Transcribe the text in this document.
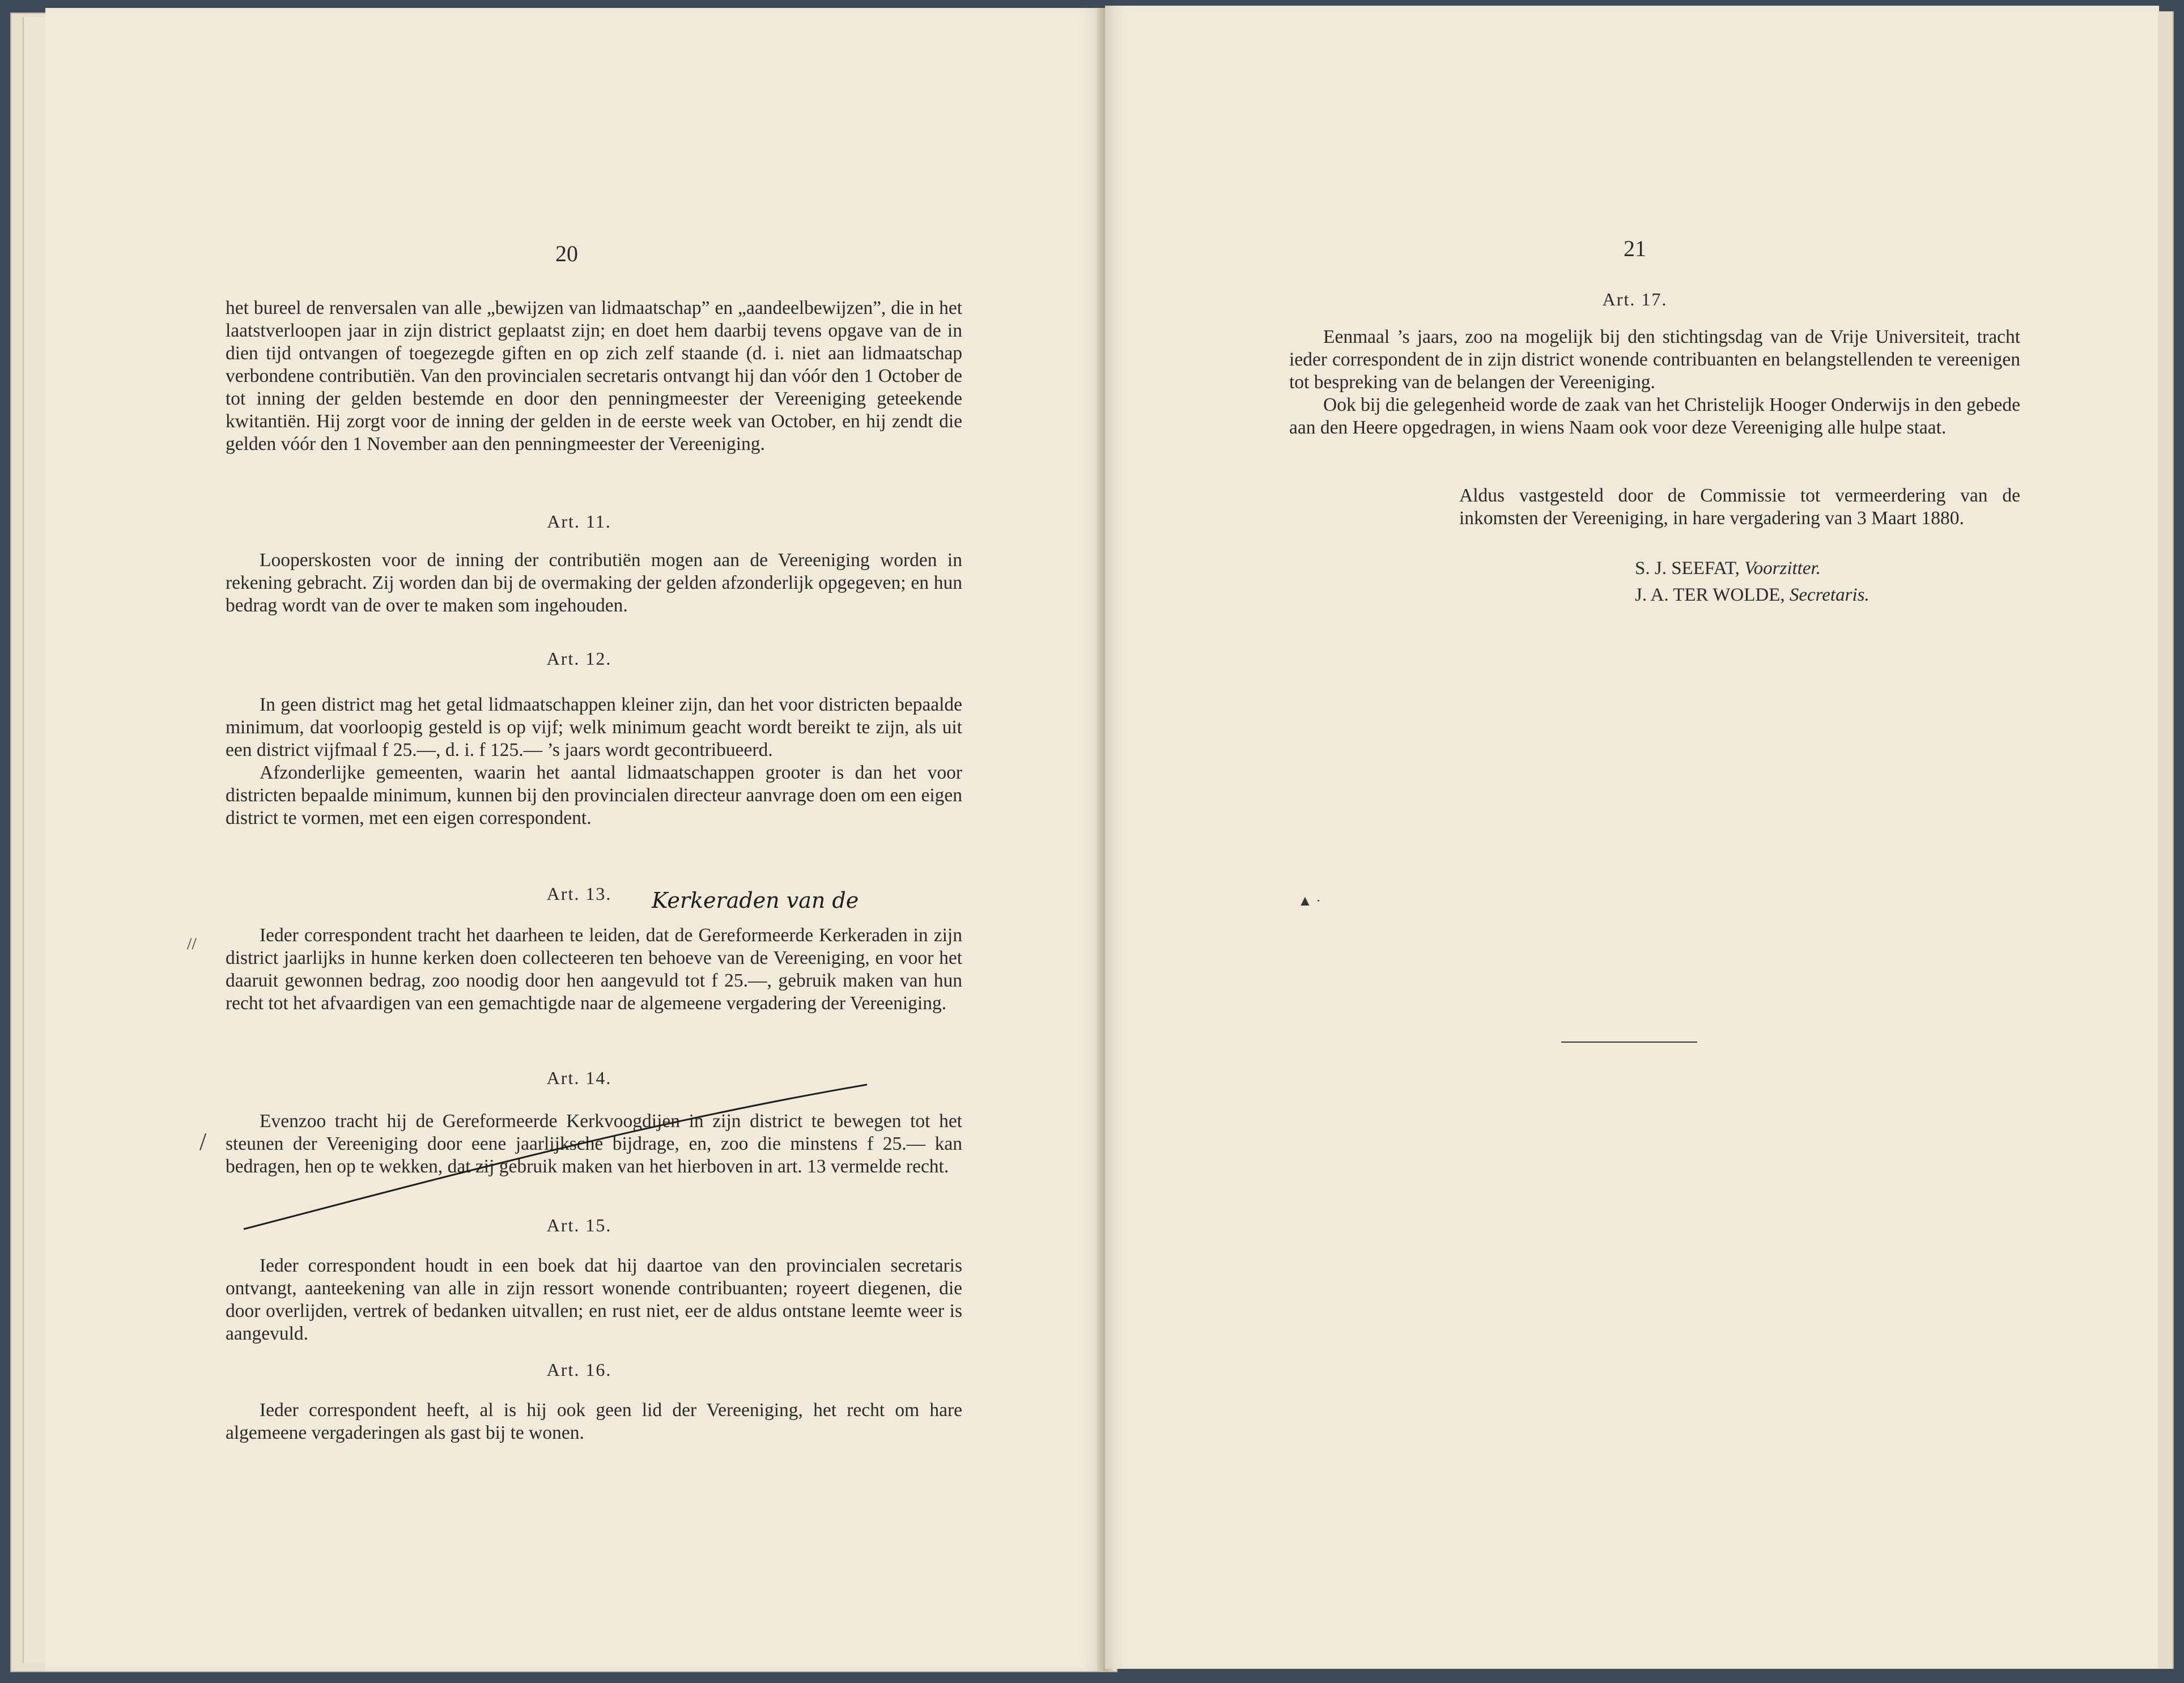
20

het bureel de renversalen van alle „bewijzen van lidmaatschap” en „aandeelbewijzen”, die in het laatstverloopen jaar in zijn district geplaatst zijn; en doet hem daarbij tevens opgave van de in dien tijd ontvangen of toegezegde giften en op zich zelf staande (d. i. niet aan lidmaatschap verbondene contributiën. Van den provincialen secretaris ontvangt hij dan vóór den 1 October de tot inning der gelden bestemde en door den penningmeester der Vereeniging geteekende kwitantiën. Hij zorgt voor de inning der gelden in de eerste week van October, en hij zendt die gelden vóór den 1 November aan den penningmeester der Vereeniging.

Art. 11.

Looperskosten voor de inning der contributiën mogen aan de Vereeniging worden in rekening gebracht. Zij worden dan bij de overmaking der gelden afzonderlijk opgegeven; en hun bedrag wordt van de over te maken som ingehouden.

Art. 12.

In geen district mag het getal lidmaatschappen kleiner zijn, dan het voor districten bepaalde minimum, dat voorloopig gesteld is op vijf; welk minimum geacht wordt bereikt te zijn, als uit een district vijfmaal f 25.—, d. i. f 125.— ’s jaars wordt gecontribueerd.

Afzonderlijke gemeenten, waarin het aantal lidmaatschappen grooter is dan het voor districten bepaalde minimum, kunnen bij den provincialen directeur aanvrage doen om een eigen district te vormen, met een eigen correspondent.

Art. 13.	Kerkeraden van de
//	Ieder correspondent tracht het daarheen te leiden, dat de Gereformeerde Kerkeraden in zijn district jaarlijks in hunne kerken doen collecteeren ten behoeve van de Vereeniging, en voor het daaruit gewonnen bedrag, zoo noodig door hen aangevuld tot f 25.—, gebruik maken van hun recht tot het afvaardigen van een gemachtigde naar de algemeene vergadering der Vereeniging.

Art. 14.
/

Evenzoo tracht hij de Gereformeerde Kerkvoogdijen in zijn district te bewegen tot het steunen der Vereeniging door eene jaarlijksche bijdrage, en, zoo die minstens f 25.— kan bedragen, hen op te wekken, dat zij gebruik maken van het hierboven in art. 13 vermelde recht.

Art. 15.

Ieder correspondent houdt in een boek dat hij daartoe van den provincialen secretaris ontvangt, aanteekening van alle in zijn ressort wonende contribuanten; royeert diegenen, die door overlijden, vertrek of bedanken uitvallen; en rust niet, eer de aldus ontstane leemte weer is aangevuld.

Art. 16.

Ieder correspondent heeft, al is hij ook geen lid der Vereeniging, het recht om hare algemeene vergaderingen als gast bij te wonen.

21
Art. 17.

Eenmaal ’s jaars, zoo na mogelijk bij den stichtingsdag van de Vrije Universiteit, tracht ieder correspondent de in zijn district wonende contribuanten en belangstellenden te vereenigen tot bespreking van de belangen der Vereeniging.

Ook bij die gelegenheid worde de zaak van het Christelijk Hooger Onderwijs in den gebede aan den Heere opgedragen, in wiens Naam ook voor deze Vereeniging alle hulpe staat.

Aldus vastgesteld door de Commissie tot vermeerdering van de inkomsten der Vereeniging, in hare vergadering van 3 Maart 1880.

S. J. SEEFAT, Voorzitter.
J. A. TER WOLDE, Secretaris.
▲ ·
